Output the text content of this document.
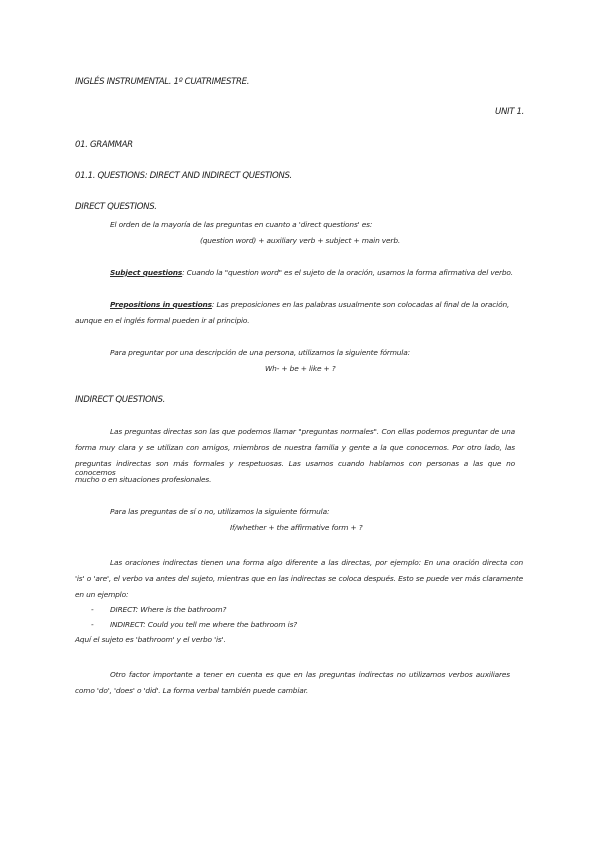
INGLÉS INSTRUMENTAL. 1º CUATRIMESTRE.
UNIT 1.
01. GRAMMAR
01.1. QUESTIONS: DIRECT AND INDIRECT QUESTIONS.
DIRECT QUESTIONS.
El orden de la mayoría de las preguntas en cuanto a 'direct questions' es:
(question word) + auxiliary verb + subject + main verb.
Subject questions: Cuando la "question word" es el sujeto de la oración, usamos la forma afirmativa del verbo.
Prepositions in questions: Las preposiciones en las palabras usualmente son colocadas al final de la oración,
aunque en el inglés formal pueden ir al principio.
Para preguntar por una descripción de una persona, utilizamos la siguiente fórmula:
Wh- + be + like + ?
INDIRECT QUESTIONS.
Las preguntas directas son las que podemos llamar "preguntas normales". Con ellas podemos preguntar de una
forma muy clara y se utilizan con amigos, miembros de nuestra familia y gente a la que conocemos. Por otro lado, las
preguntas indirectas son más formales y respetuosas. Las usamos cuando hablamos con personas a las que no conocemos
mucho o en situaciones profesionales.
Para las preguntas de sí o no, utilizamos la siguiente fórmula:
If/whether + the affirmative form + ?
Las oraciones indirectas tienen una forma algo diferente a las directas, por ejemplo: En una oración directa con
'is' o 'are', el verbo va antes del sujeto, mientras que en las indirectas se coloca después. Esto se puede ver más claramente
en un ejemplo:
- DIRECT: Where is the bathroom?
- INDIRECT: Could you tell me where the bathroom is?
Aquí el sujeto es 'bathroom' y el verbo 'is'.
Otro factor importante a tener en cuenta es que en las preguntas indirectas no utilizamos verbos auxiliares
como 'do', 'does' o 'did'. La forma verbal también puede cambiar.
